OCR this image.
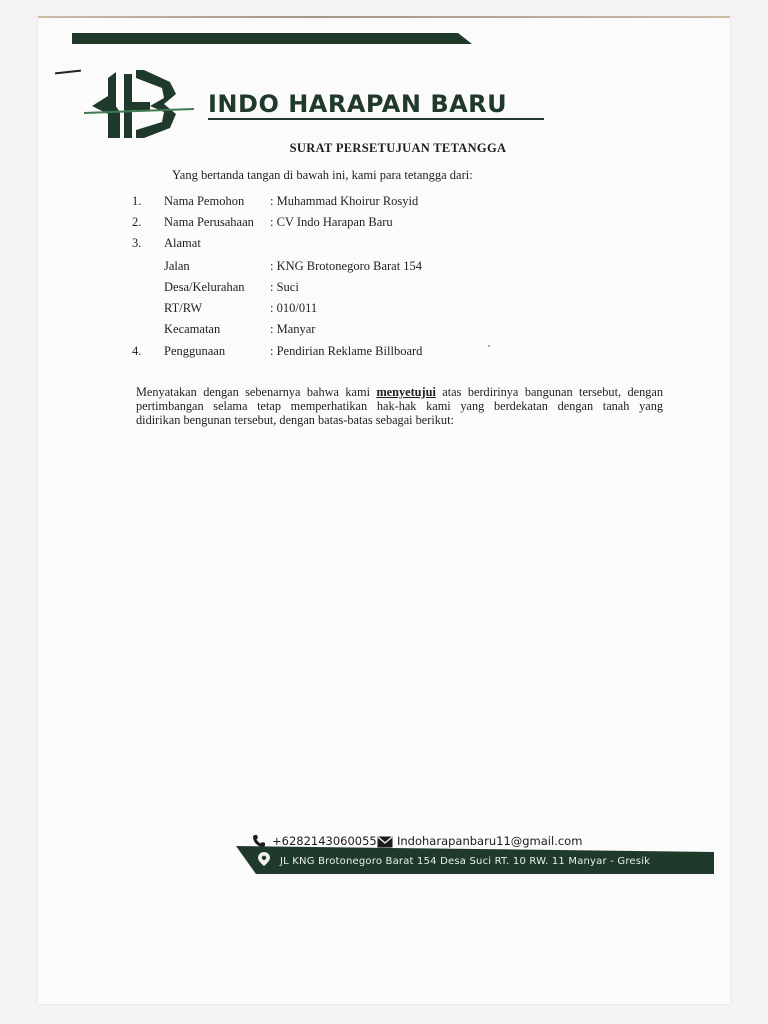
INDO HARAPAN BARU
SURAT PERSETUJUAN TETANGGA
Yang bertanda tangan di bawah ini, kami para tetangga dari:
1. Nama Pemohon : Muhammad Khoirur Rosyid
2. Nama Perusahaan : CV Indo Harapan Baru
3. Alamat
Jalan	: KNG Brotonegoro Barat 154
Desa/Kelurahan : Suci
RT/RW	: 010/011
Kecamatan	: Manyar
4. Penggunaan	: Pendirian Reklame Billboard
Menyatakan dengan sebenarnya bahwa kami menyetujui atas berdirinya bangunan tersebut, dengan
pertimbangan selama tetap memperhatikan hak-hak kami yang berdekatan dengan tanah yang
didirikan bengunan tersebut, dengan batas-batas sebagai berikut:
+6282143060055 Indoharapanbaru11@gmail.com
JL KNG Brotonegoro Barat 154 Desa Suci RT. 10 RW. 11 Manyar - Gresik
